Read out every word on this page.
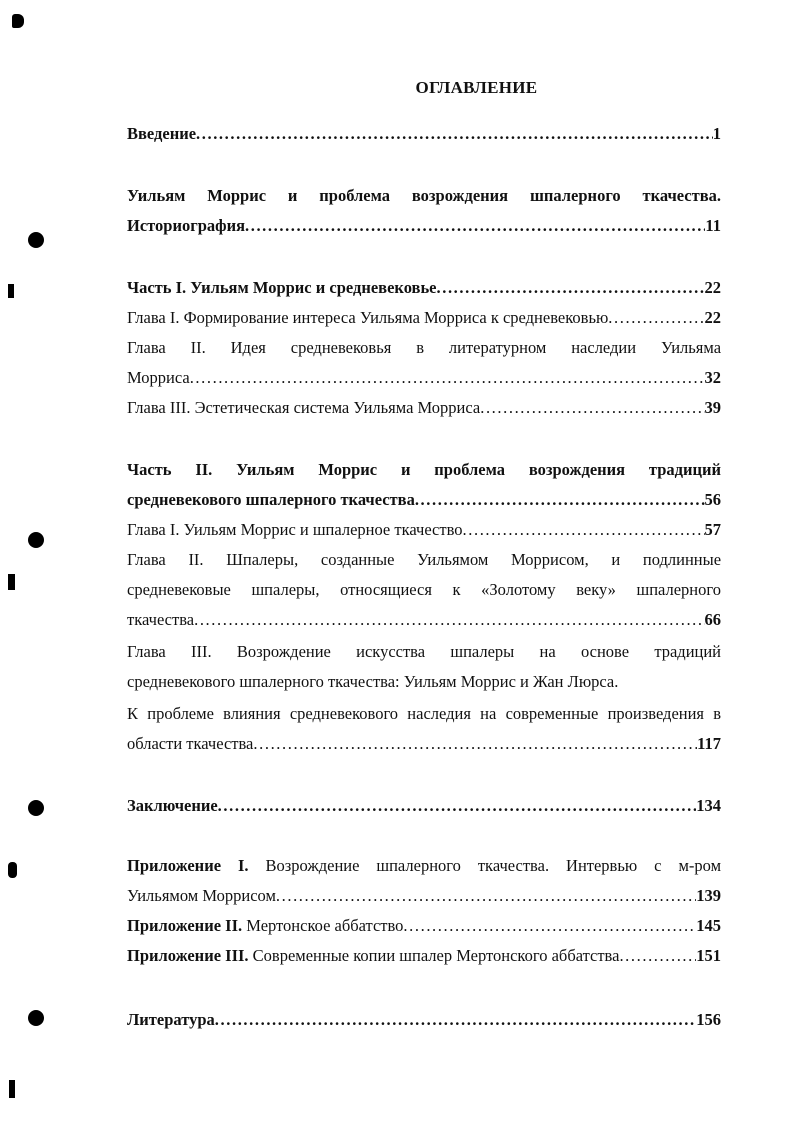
ОГЛАВЛЕНИЕ
Введение .....	1
Уильям Моррис и проблема возрождения шпалерного ткачества.
Историография .....	11
Часть I. Уильям Моррис и средневековье .....	22
Глава I. Формирование интереса Уильяма Морриса к средневековью .....	22
Глава II. Идея средневековья в литературном наследии Уильяма
Морриса .....	32
Глава III. Эстетическая система Уильяма Морриса .....	39
Часть II. Уильям Моррис и проблема возрождения традиций
средневекового шпалерного ткачества .....	56
Глава I. Уильям Моррис и шпалерное ткачество .....	57
Глава II. Шпалеры, созданные Уильямом Моррисом, и подлинные
средневековые шпалеры, относящиеся к «Золотому веку» шпалерного
ткачества .....	66
Глава III. Возрождение искусства шпалеры на основе традиций
средневекового шпалерного ткачества: Уильям Моррис и Жан Люрса.
К проблеме влияния средневекового наследия на современные произведения в
области ткачества .....	117
Заключение .....	134
Приложение I. Возрождение шпалерного ткачества. Интервью с м-ром
Уильямом Моррисом .....	139
Приложение II. Мертонское аббатство .....	145
Приложение III. Современные копии шпалер Мертонского аббатства .....	151
Литература .....	156
